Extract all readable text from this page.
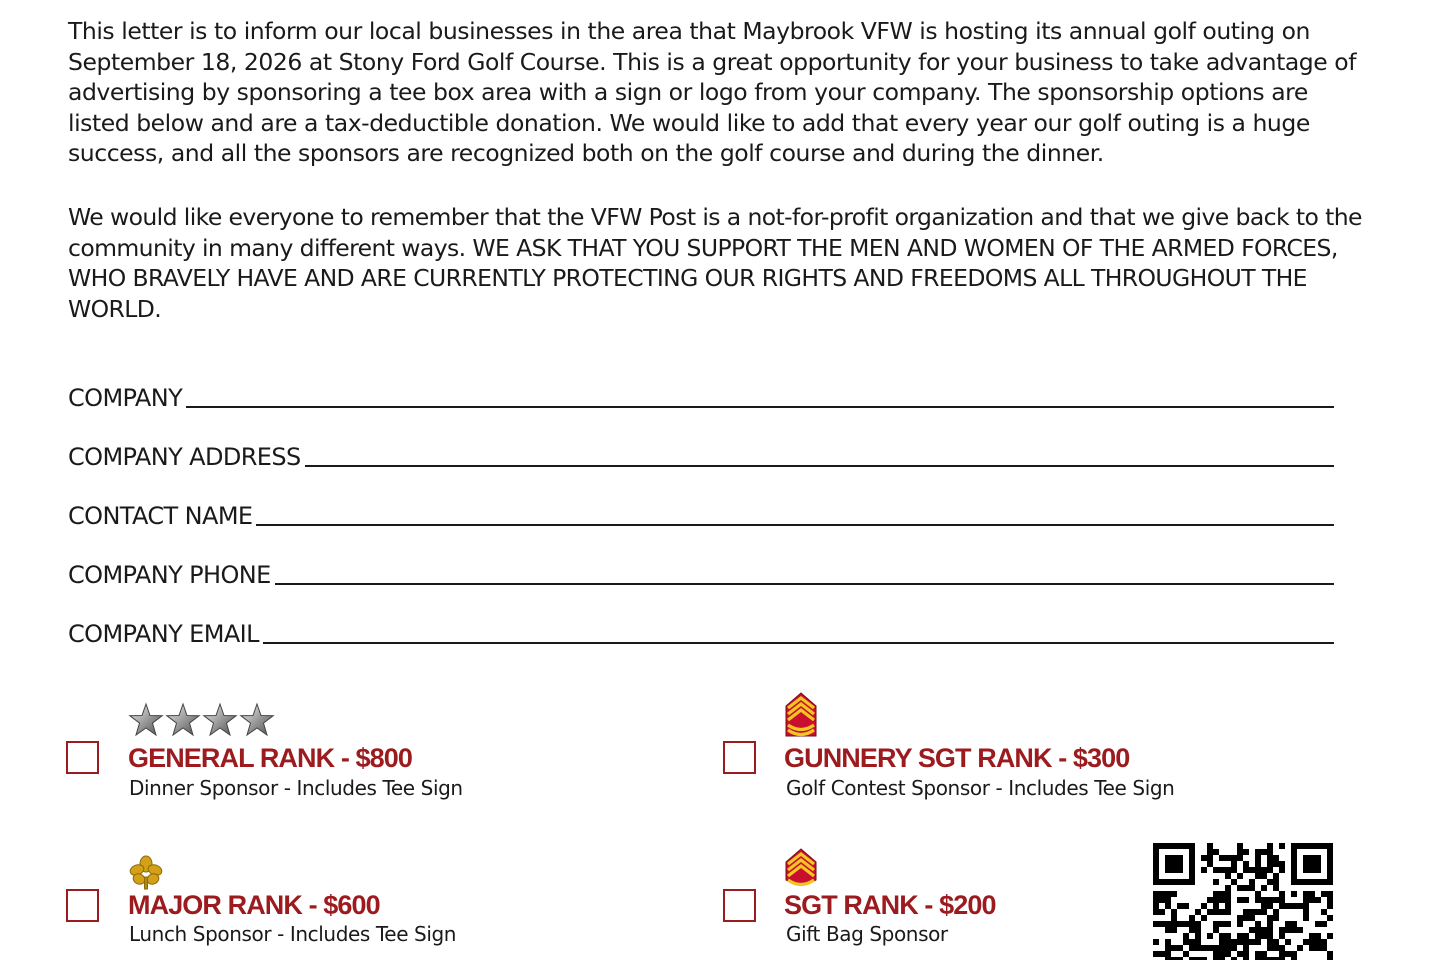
This letter is to inform our local businesses in the area that Maybrook VFW is hosting its annual golf outing on September 18, 2026 at Stony Ford Golf Course. This is a great opportunity for your business to take advantage of advertising by sponsoring a tee box area with a sign or logo from your company. The sponsorship options are listed below and are a tax-deductible donation. We would like to add that every year our golf outing is a huge success, and all the sponsors are recognized both on the golf course and during the dinner.

We would like everyone to remember that the VFW Post is a not-for-profit organization and that we give back to the community in many different ways. WE ASK THAT YOU SUPPORT THE MEN AND WOMEN OF THE ARMED FORCES, WHO BRAVELY HAVE AND ARE CURRENTLY PROTECTING OUR RIGHTS AND FREEDOMS ALL THROUGHOUT THE WORLD.

COMPANY
COMPANY ADDRESS
CONTACT NAME
COMPANY PHONE
COMPANY EMAIL
GENERAL RANK - $800
Dinner Sponsor - Includes Tee Sign
GUNNERY SGT RANK - $300
Golf Contest Sponsor - Includes Tee Sign
MAJOR RANK - $600
Lunch Sponsor - Includes Tee Sign
SGT RANK - $200
Gift Bag Sponsor
